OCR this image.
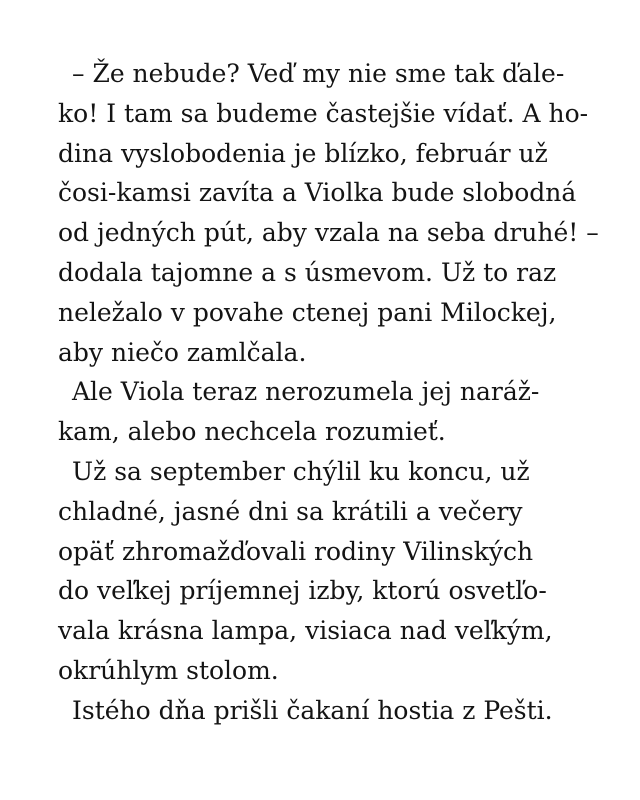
– Že nebude? Veď my nie sme tak ďale-
ko! I tam sa budeme častejšie vídať. A ho-
dina vyslobodenia je blízko, február už
čosi-kamsi zavíta a Violka bude slobodná
od jedných pút, aby vzala na seba druhé! –
dodala tajomne a s úsmevom. Už to raz
neležalo v povahe ctenej pani Milockej,
aby niečo zamlčala.
Ale Viola teraz nerozumela jej naráž-
kam, alebo nechcela rozumieť.
Už sa september chýlil ku koncu, už
chladné, jasné dni sa krátili a večery
opäť zhromažďovali rodiny Vilinských
do veľkej príjemnej izby, ktorú osvetľo-
vala krásna lampa, visiaca nad veľkým,
okrúhlym stolom.
Istého dňa prišli čakaní hostia z Pešti.
